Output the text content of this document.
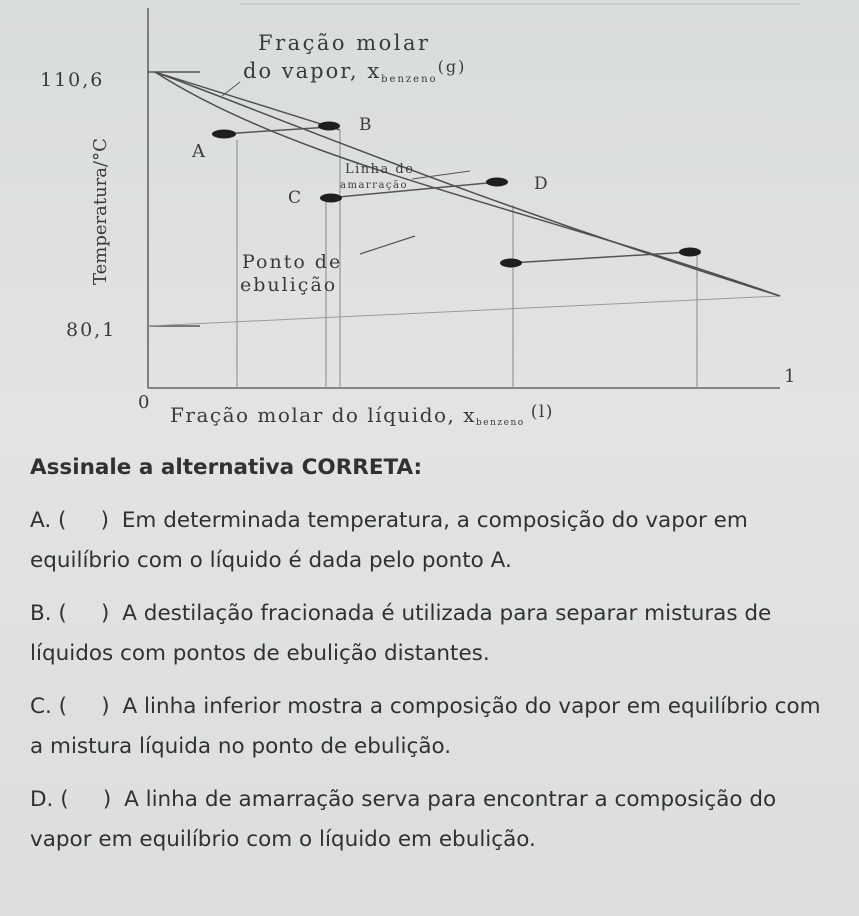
Fração molar
do vapor, xbenzeno$^{(g)}$
110,6
80,1
Temperatura/°C
0
1
Fração molar do líquido, xbenzeno$^{(l)}$
A
B
C
D
Linha de
amarração
Ponto de
ebulição
Assinale a alternativa CORRETA:
A. ( ) Em determinada temperatura, a composição do vapor em equilíbrio com o líquido é dada pelo ponto A.
B. ( ) A destilação fracionada é utilizada para separar misturas de líquidos com pontos de ebulição distantes.
C. ( ) A linha inferior mostra a composição do vapor em equilíbrio com a mistura líquida no ponto de ebulição.
D. ( ) A linha de amarração serva para encontrar a composição do vapor em equilíbrio com o líquido em ebulição.
